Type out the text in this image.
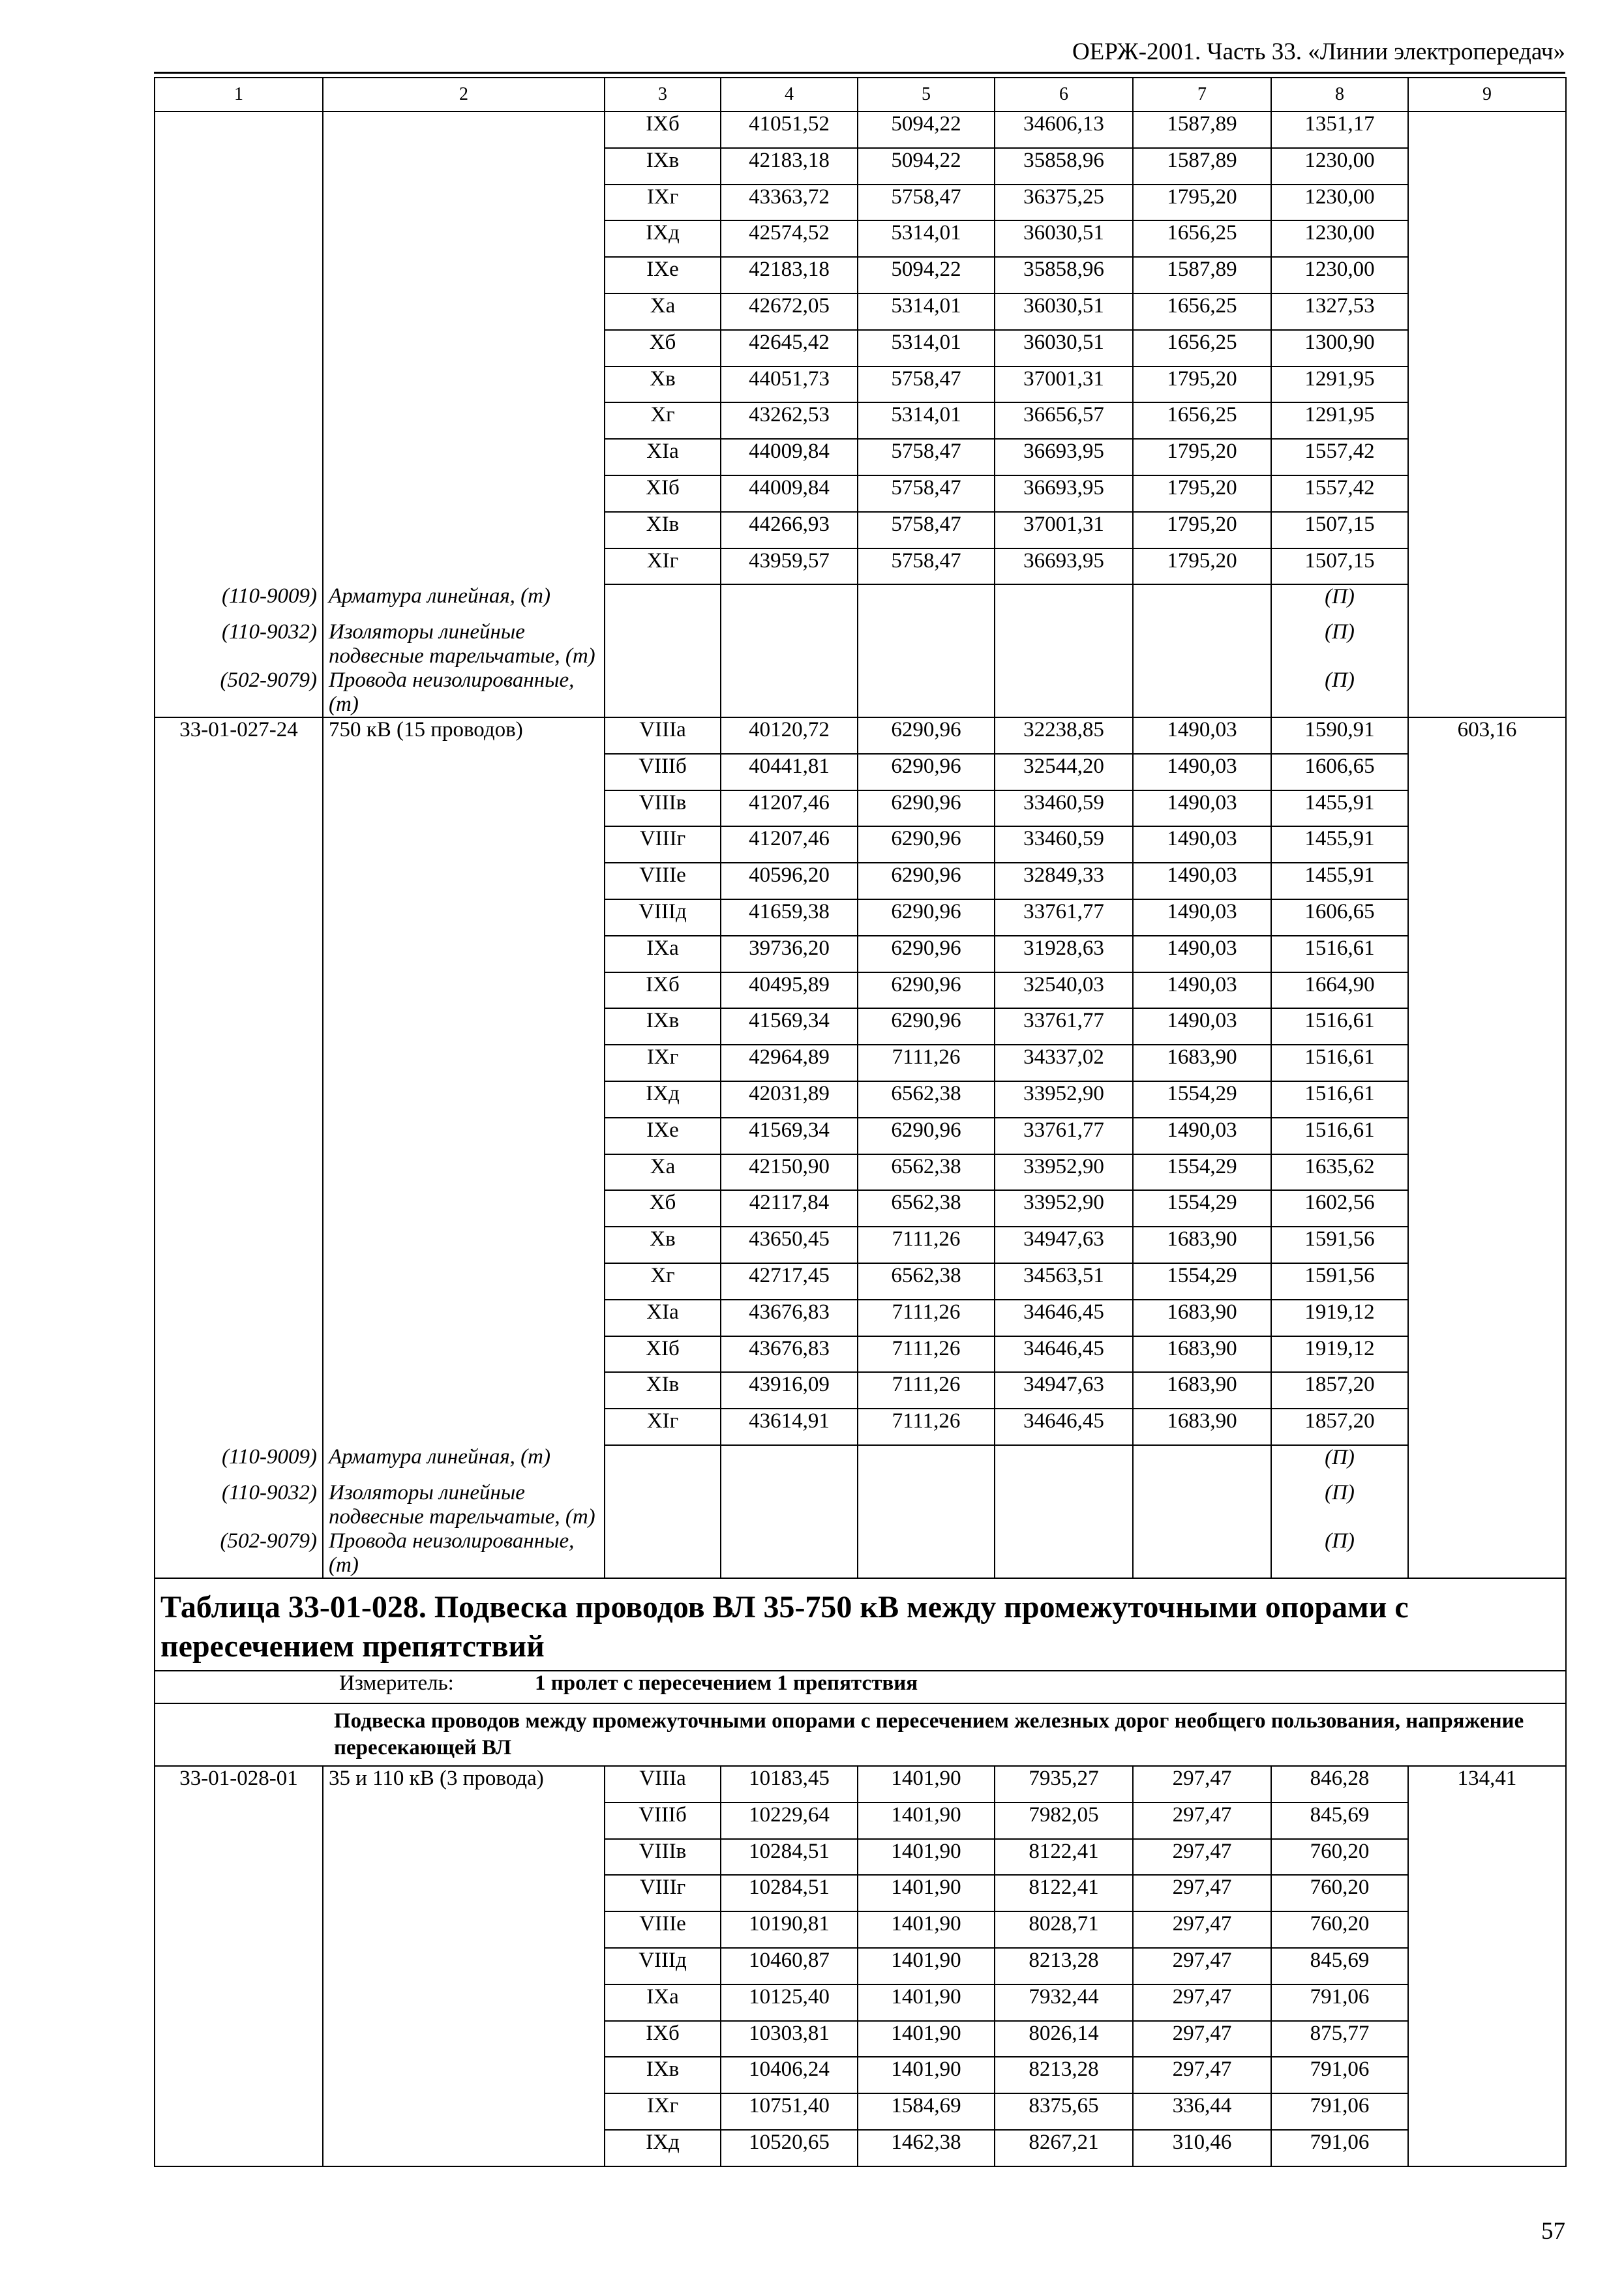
ОЕРЖ-2001. Часть 33. «Линии электропередач»
1	2	3	4	5	6	7	8	9
		IXб	41051,52	5094,22	34606,13	1587,89	1351,17	
		IXв	42183,18	5094,22	35858,96	1587,89	1230,00	
		IXг	43363,72	5758,47	36375,25	1795,20	1230,00	
		IXд	42574,52	5314,01	36030,51	1656,25	1230,00	
		IXе	42183,18	5094,22	35858,96	1587,89	1230,00	
		Xа	42672,05	5314,01	36030,51	1656,25	1327,53	
		Xб	42645,42	5314,01	36030,51	1656,25	1300,90	
		Xв	44051,73	5758,47	37001,31	1795,20	1291,95	
		Xг	43262,53	5314,01	36656,57	1656,25	1291,95	
		XIа	44009,84	5758,47	36693,95	1795,20	1557,42	
		XIб	44009,84	5758,47	36693,95	1795,20	1557,42	
		XIв	44266,93	5758,47	37001,31	1795,20	1507,15	
		XIг	43959,57	5758,47	36693,95	1795,20	1507,15	
(110-9009)	Арматура линейная, (т)						(П)	
(110-9032)	Изоляторы линейные подвесные тарельчатые, (т)						(П)	
(502-9079)	Провода неизолированные, (т)						(П)	
33-01-027-24	750 кВ (15 проводов)	VIIIа	40120,72	6290,96	32238,85	1490,03	1590,91	603,16
		VIIIб	40441,81	6290,96	32544,20	1490,03	1606,65	
		VIIIв	41207,46	6290,96	33460,59	1490,03	1455,91	
		VIIIг	41207,46	6290,96	33460,59	1490,03	1455,91	
		VIIIе	40596,20	6290,96	32849,33	1490,03	1455,91	
		VIIIд	41659,38	6290,96	33761,77	1490,03	1606,65	
		IXа	39736,20	6290,96	31928,63	1490,03	1516,61	
		IXб	40495,89	6290,96	32540,03	1490,03	1664,90	
		IXв	41569,34	6290,96	33761,77	1490,03	1516,61	
		IXг	42964,89	7111,26	34337,02	1683,90	1516,61	
		IXд	42031,89	6562,38	33952,90	1554,29	1516,61	
		IXе	41569,34	6290,96	33761,77	1490,03	1516,61	
		Xа	42150,90	6562,38	33952,90	1554,29	1635,62	
		Xб	42117,84	6562,38	33952,90	1554,29	1602,56	
		Xв	43650,45	7111,26	34947,63	1683,90	1591,56	
		Xг	42717,45	6562,38	34563,51	1554,29	1591,56	
		XIа	43676,83	7111,26	34646,45	1683,90	1919,12	
		XIб	43676,83	7111,26	34646,45	1683,90	1919,12	
		XIв	43916,09	7111,26	34947,63	1683,90	1857,20	
		XIг	43614,91	7111,26	34646,45	1683,90	1857,20	
(110-9009)	Арматура линейная, (т)						(П)	
(110-9032)	Изоляторы линейные подвесные тарельчатые, (т)						(П)	
(502-9079)	Провода неизолированные, (т)						(П)	
Таблица 33-01-028. Подвеска проводов ВЛ 35-750 кВ между промежуточными опорами с пересечением препятствий								
Измеритель: 1 пролет с пересечением 1 препятствия								
Подвеска проводов между промежуточными опорами с пересечением железных дорог необщего пользования, напряжение пересекающей ВЛ								
33-01-028-01	35 и 110 кВ (3 провода)	VIIIа	10183,45	1401,90	7935,27	297,47	846,28	134,41
		VIIIб	10229,64	1401,90	7982,05	297,47	845,69	
		VIIIв	10284,51	1401,90	8122,41	297,47	760,20	
		VIIIг	10284,51	1401,90	8122,41	297,47	760,20	
		VIIIе	10190,81	1401,90	8028,71	297,47	760,20	
		VIIIд	10460,87	1401,90	8213,28	297,47	845,69	
		IXа	10125,40	1401,90	7932,44	297,47	791,06	
		IXб	10303,81	1401,90	8026,14	297,47	875,77	
		IXв	10406,24	1401,90	8213,28	297,47	791,06	
		IXг	10751,40	1584,69	8375,65	336,44	791,06	
		IXд	10520,65	1462,38	8267,21	310,46	791,06	
57
